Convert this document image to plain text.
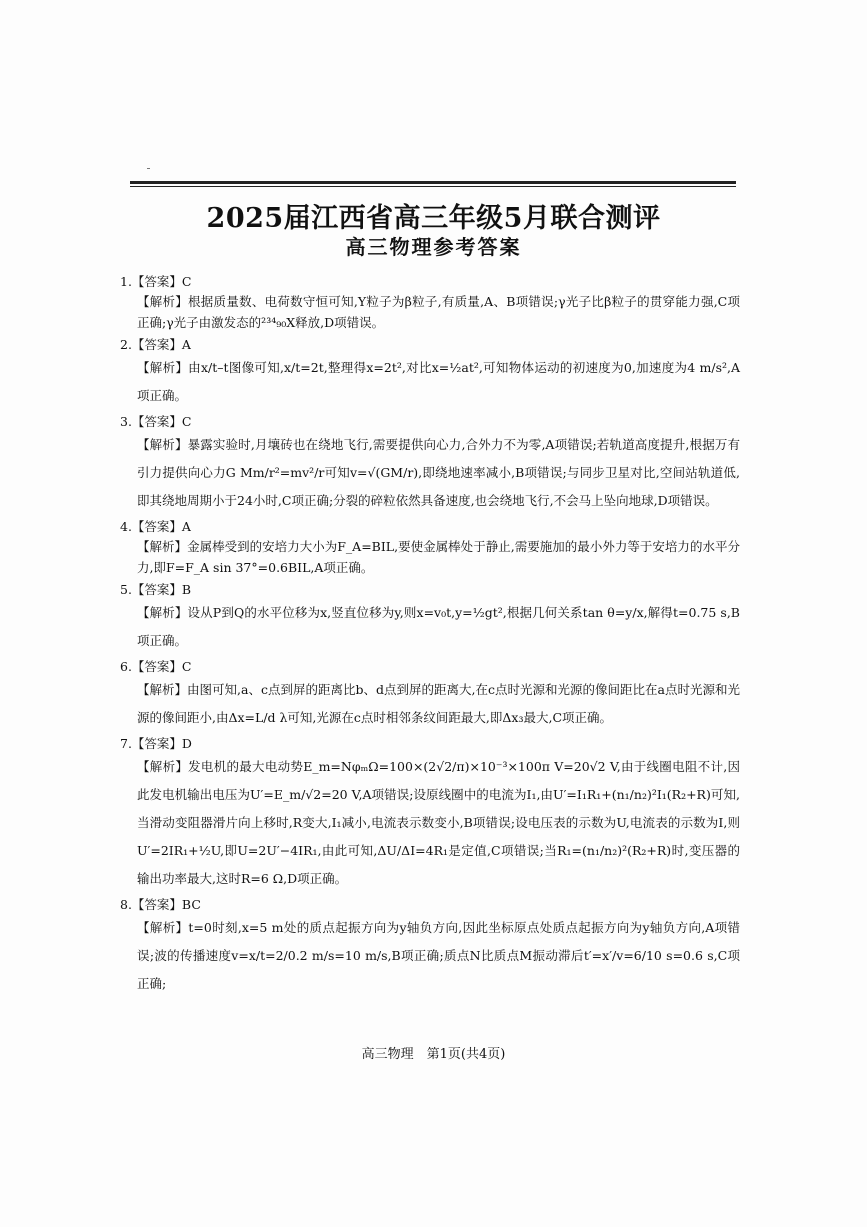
2025届江西省高三年级5月联合测评
高三物理参考答案
1.【答案】C
【解析】根据质量数、电荷数守恒可知,Y粒子为β粒子,有质量,A、B项错误;γ光子比β粒子的贯穿能力强,C项正确;γ光子由激发态的²³⁴₉₀X释放,D项错误。
2.【答案】A
【解析】由x/t–t图像可知,x/t=2t,整理得x=2t²,对比x=½at²,可知物体运动的初速度为0,加速度为4 m/s²,A项正确。
3.【答案】C
【解析】暴露实验时,月壤砖也在绕地飞行,需要提供向心力,合外力不为零,A项错误;若轨道高度提升,根据万有引力提供向心力G Mm/r²=mv²/r可知v=√(GM/r),即绕地速率减小,B项错误;与同步卫星对比,空间站轨道低,即其绕地周期小于24小时,C项正确;分裂的碎粒依然具备速度,也会绕地飞行,不会马上坠向地球,D项错误。
4.【答案】A
【解析】金属棒受到的安培力大小为F_A=BIL,要使金属棒处于静止,需要施加的最小外力等于安培力的水平分力,即F=F_A sin 37°=0.6BIL,A项正确。
5.【答案】B
【解析】设从P到Q的水平位移为x,竖直位移为y,则x=v₀t,y=½gt²,根据几何关系tan θ=y/x,解得t=0.75 s,B项正确。
6.【答案】C
【解析】由图可知,a、c点到屏的距离比b、d点到屏的距离大,在c点时光源和光源的像间距比在a点时光源和光源的像间距小,由Δx=L/d λ可知,光源在c点时相邻条纹间距最大,即Δx₃最大,C项正确。
7.【答案】D
【解析】发电机的最大电动势E_m=NφₘΩ=100×(2√2/π)×10⁻³×100π V=20√2 V,由于线圈电阻不计,因此发电机输出电压为U′=E_m/√2=20 V,A项错误;设原线圈中的电流为I₁,由U′=I₁R₁+(n₁/n₂)²I₁(R₂+R)可知,当滑动变阻器滑片向上移时,R变大,I₁减小,电流表示数变小,B项错误;设电压表的示数为U,电流表的示数为I,则U′=2IR₁+½U,即U=2U′−4IR₁,由此可知,ΔU/ΔI=4R₁是定值,C项错误;当R₁=(n₁/n₂)²(R₂+R)时,变压器的输出功率最大,这时R=6 Ω,D项正确。
8.【答案】BC
【解析】t=0时刻,x=5 m处的质点起振方向为y轴负方向,因此坐标原点处质点起振方向为y轴负方向,A项错误;波的传播速度v=x/t=2/0.2 m/s=10 m/s,B项正确;质点N比质点M振动滞后t′=x′/v=6/10 s=0.6 s,C项正确;
高三物理　第1页(共4页)
